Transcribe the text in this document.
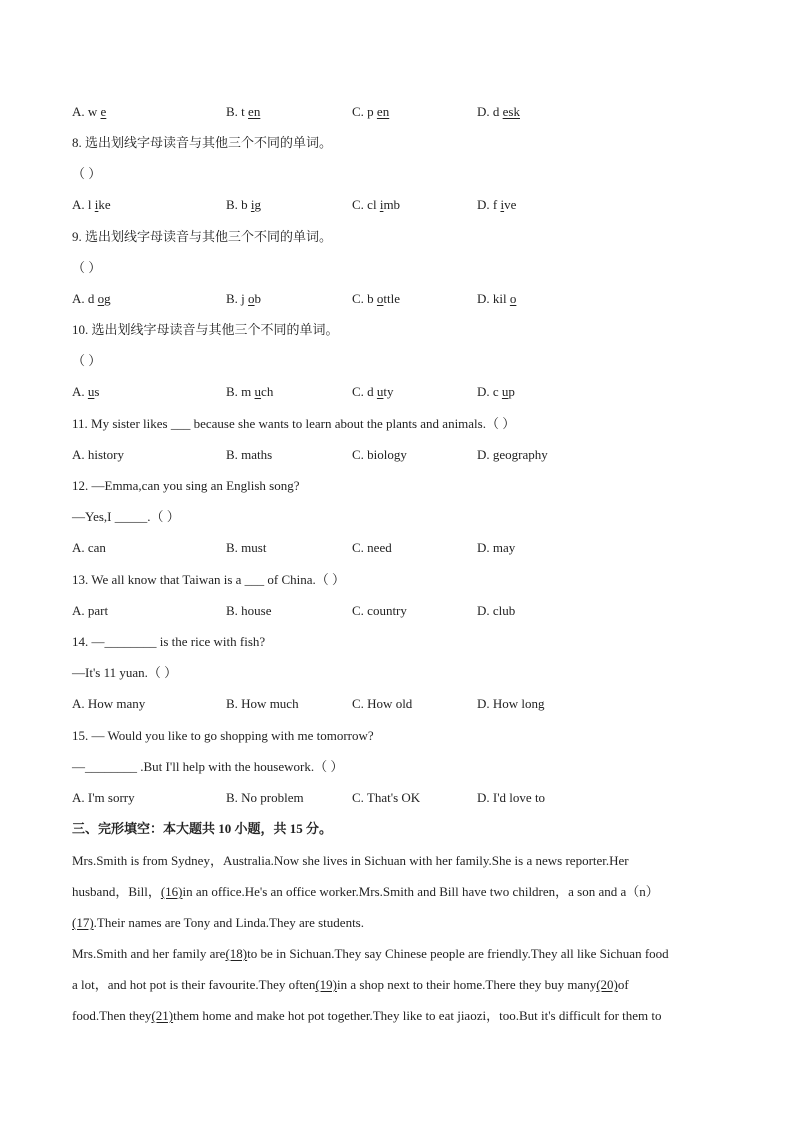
A. w e	B. t en	C. p en	D. d esk
8. 选出划线字母读音与其他三个不同的单词。
（ ）
A. l ike	B. b ig	C. cl imb	D. f ive
9. 选出划线字母读音与其他三个不同的单词。
（ ）
A. d og	B. j ob	C. b ottle	D. kil o
10. 选出划线字母读音与其他三个不同的单词。
（ ）
A. us	B. m uch	C. d uty	D. c up
11. My sister likes ___ because she wants to learn about the plants and animals.（ ）
A. history	B. maths	C. biology	D. geography
12. —Emma,can you sing an English song?
—Yes,I _____.（ ）
A. can	B. must	C. need	D. may
13. We all know that Taiwan is a ___ of China.（ ）
A. part	B. house	C. country	D. club
14. —________ is the rice with fish?
—It's 11 yuan.（ ）
A. How many	B. How much	C. How old	D. How long
15. — Would you like to go shopping with me tomorrow?
—________ .But I'll help with the housework.（ ）
A. I'm sorry	B. No problem	C. That's OK	D. I'd love to
三、完形填空：本大题共 10 小题，共 15 分。
Mrs.Smith is from Sydney，Australia.Now she lives in Sichuan with her family.She is a news reporter.Her
husband，Bill，(16)in an office.He's an office worker.Mrs.Smith and Bill have two children，a son and a（n）
(17).Their names are Tony and Linda.They are students.
Mrs.Smith and her family are(18)to be in Sichuan.They say Chinese people are friendly.They all like Sichuan food
a lot，and hot pot is their favourite.They often(19)in a shop next to their home.There they buy many(20)of
food.Then they(21)them home and make hot pot together.They like to eat jiaozi，too.But it's difficult for them to
